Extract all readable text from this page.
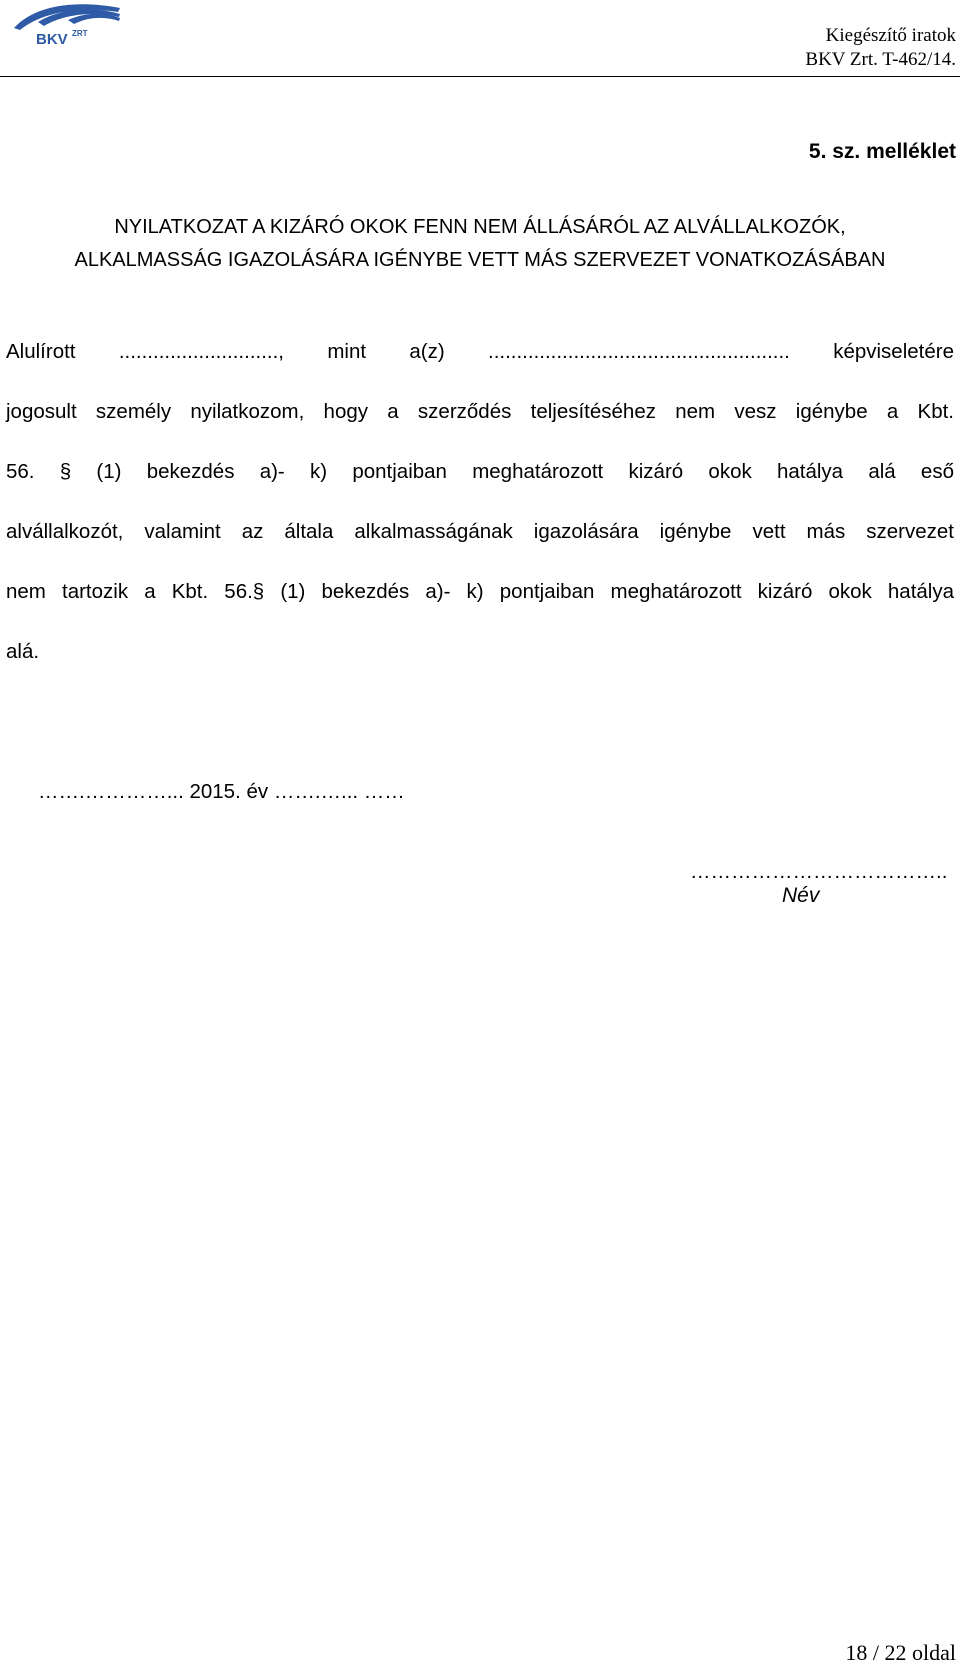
BKV ZRT	Kiegészítő iratok
BKV Zrt. T-462/14.
5. sz. melléklet
NYILATKOZAT A KIZÁRÓ OKOK FENN NEM ÁLLÁSÁRÓL AZ ALVÁLLALKOZÓK,
ALKALMASSÁG IGAZOLÁSÁRA IGÉNYBE VETT MÁS SZERVEZET VONATKOZÁSÁBAN
Alulírott ............................, mint a(z) ..................................................... képviseletére
jogosult személy nyilatkozom, hogy a szerződés teljesítéséhez nem vesz igénybe a Kbt.
56. § (1) bekezdés a)- k) pontjaiban meghatározott kizáró okok hatálya alá eső
alvállalkozót, valamint az általa alkalmasságának igazolására igénybe vett más szervezet
nem tartozik a Kbt. 56.§ (1) bekezdés a)- k) pontjaiban meghatározott kizáró okok hatálya
alá.
…….…………... 2015. év …….…... ……
………………………………..
Név
18 / 22 oldal
